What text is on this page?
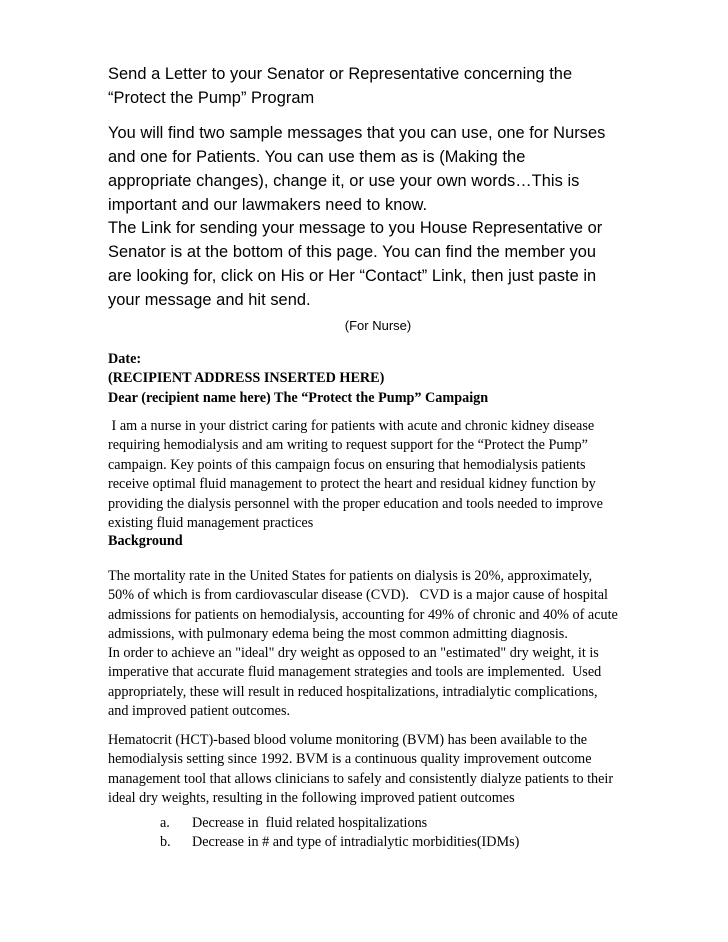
Send a Letter to your Senator or Representative concerning the
“Protect the Pump” Program
You will find two sample messages that you can use, one for Nurses
and one for Patients. You can use them as is (Making the
appropriate changes), change it, or use your own words…This is
important and our lawmakers need to know.
The Link for sending your message to you House Representative or
Senator is at the bottom of this page. You can find the member you
are looking for, click on His or Her “Contact” Link, then just paste in
your message and hit send.
(For Nurse)
Date:
(RECIPIENT ADDRESS INSERTED HERE)
Dear (recipient name here) The “Protect the Pump” Campaign
I am a nurse in your district caring for patients with acute and chronic kidney disease
requiring hemodialysis and am writing to request support for the “Protect the Pump”
campaign. Key points of this campaign focus on ensuring that hemodialysis patients
receive optimal fluid management to protect the heart and residual kidney function by
providing the dialysis personnel with the proper education and tools needed to improve
existing fluid management practices
Background
The mortality rate in the United States for patients on dialysis is 20%, approximately,
50% of which is from cardiovascular disease (CVD).   CVD is a major cause of hospital
admissions for patients on hemodialysis, accounting for 49% of chronic and 40% of acute
admissions, with pulmonary edema being the most common admitting diagnosis.
In order to achieve an "ideal" dry weight as opposed to an "estimated" dry weight, it is
imperative that accurate fluid management strategies and tools are implemented.  Used
appropriately, these will result in reduced hospitalizations, intradialytic complications,
and improved patient outcomes.
Hematocrit (HCT)-based blood volume monitoring (BVM) has been available to the
hemodialysis setting since 1992. BVM is a continuous quality improvement outcome
management tool that allows clinicians to safely and consistently dialyze patients to their
ideal dry weights, resulting in the following improved patient outcomes
a. Decrease in  fluid related hospitalizations
b. Decrease in # and type of intradialytic morbidities(IDMs)
